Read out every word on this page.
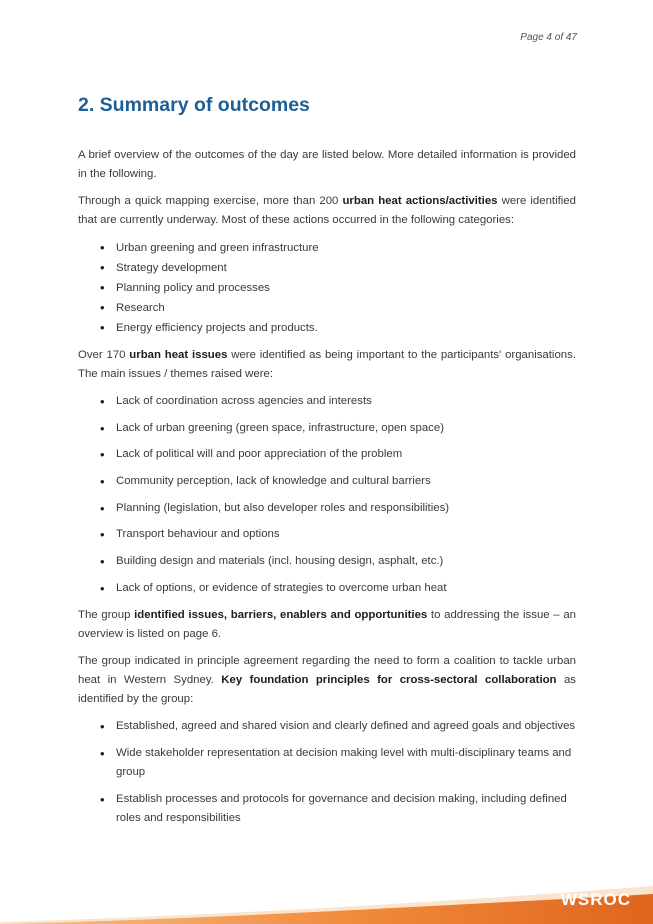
Page 4 of 47
2. Summary of outcomes

A brief overview of the outcomes of the day are listed below. More detailed information is provided in the following.

Through a quick mapping exercise, more than 200 urban heat actions/activities were identified that are currently underway. Most of these actions occurred in the following categories:

• Urban greening and green infrastructure
• Strategy development
• Planning policy and processes
• Research
• Energy efficiency projects and products.

Over 170 urban heat issues were identified as being important to the participants' organisations. The main issues / themes raised were:

• Lack of coordination across agencies and interests
• Lack of urban greening (green space, infrastructure, open space)
• Lack of political will and poor appreciation of the problem
• Community perception, lack of knowledge and cultural barriers
• Planning (legislation, but also developer roles and responsibilities)
• Transport behaviour and options
• Building design and materials (incl. housing design, asphalt, etc.)
• Lack of options, or evidence of strategies to overcome urban heat

The group identified issues, barriers, enablers and opportunities to addressing the issue – an overview is listed on page 6.

The group indicated in principle agreement regarding the need to form a coalition to tackle urban heat in Western Sydney. Key foundation principles for cross-sectoral collaboration as identified by the group:

• Established, agreed and shared vision and clearly defined and agreed goals and objectives
• Wide stakeholder representation at decision making level with multi-disciplinary teams and group
• Establish processes and protocols for governance and decision making, including defined roles and responsibilities
WSROC
